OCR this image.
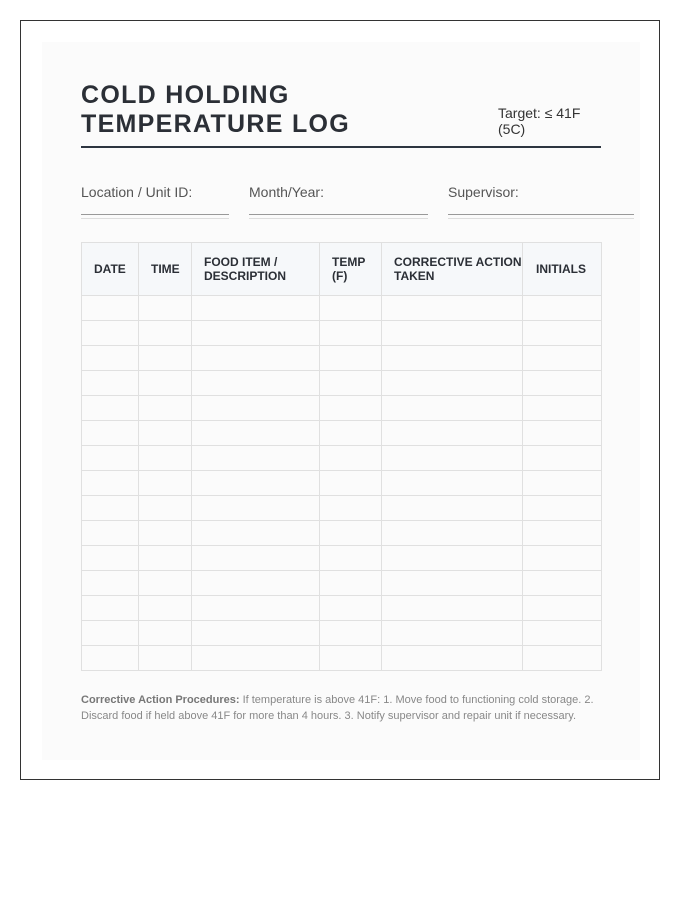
COLD HOLDING TEMPERATURE LOG	Target: ≤ 41F (5C)
Location / Unit ID:	Month/Year:	Supervisor:
DATE	TIME	FOOD ITEM / DESCRIPTION	TEMP (F)	CORRECTIVE ACTION TAKEN	INITIALS

Corrective Action Procedures: If temperature is above 41F: 1. Move food to functioning cold storage. 2. Discard food if held above 41F for more than 4 hours. 3. Notify supervisor and repair unit if necessary.
